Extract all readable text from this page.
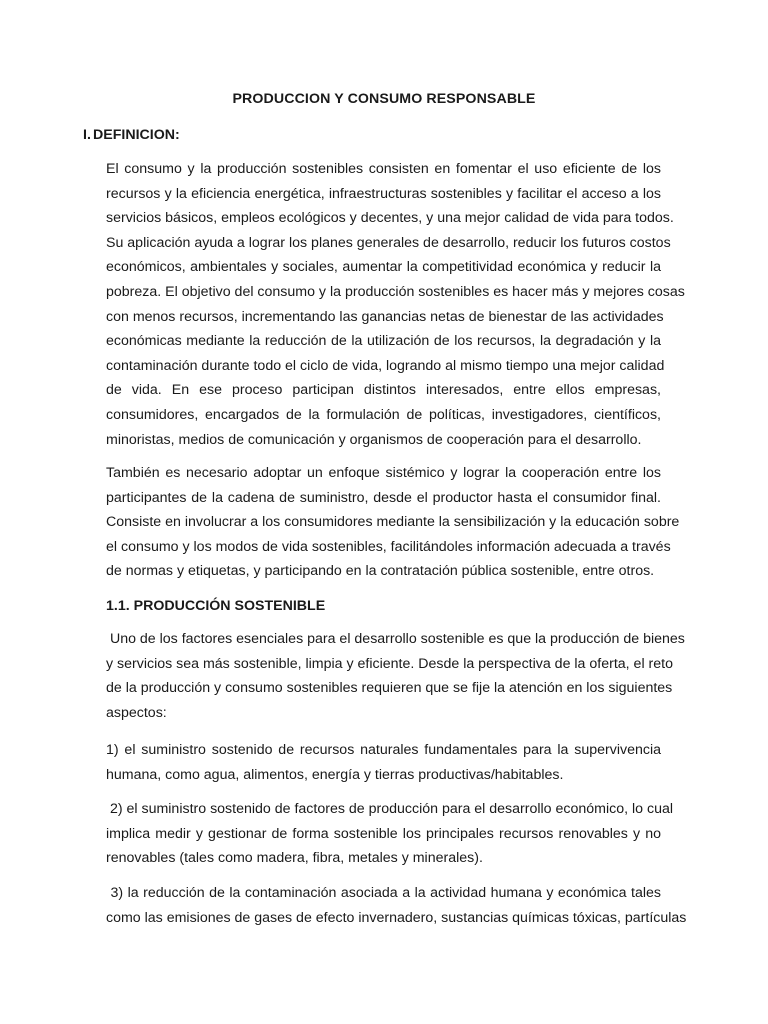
PRODUCCION Y CONSUMO RESPONSABLE
I. DEFINICION:

El consumo y la producción sostenibles consisten en fomentar el uso eficiente de los
recursos y la eficiencia energética, infraestructuras sostenibles y facilitar el acceso a los
servicios básicos, empleos ecológicos y decentes, y una mejor calidad de vida para todos.
Su aplicación ayuda a lograr los planes generales de desarrollo, reducir los futuros costos
económicos, ambientales y sociales, aumentar la competitividad económica y reducir la
pobreza. El objetivo del consumo y la producción sostenibles es hacer más y mejores cosas
con menos recursos, incrementando las ganancias netas de bienestar de las actividades
económicas mediante la reducción de la utilización de los recursos, la degradación y la
contaminación durante todo el ciclo de vida, logrando al mismo tiempo una mejor calidad
de vida. En ese proceso participan distintos interesados, entre ellos empresas,
consumidores, encargados de la formulación de políticas, investigadores, científicos,
minoristas, medios de comunicación y organismos de cooperación para el desarrollo.

También es necesario adoptar un enfoque sistémico y lograr la cooperación entre los
participantes de la cadena de suministro, desde el productor hasta el consumidor final.
Consiste en involucrar a los consumidores mediante la sensibilización y la educación sobre
el consumo y los modos de vida sostenibles, facilitándoles información adecuada a través
de normas y etiquetas, y participando en la contratación pública sostenible, entre otros.

1.1. PRODUCCIÓN SOSTENIBLE

Uno de los factores esenciales para el desarrollo sostenible es que la producción de bienes
y servicios sea más sostenible, limpia y eficiente. Desde la perspectiva de la oferta, el reto
de la producción y consumo sostenibles requieren que se fije la atención en los siguientes
aspectos:

1) el suministro sostenido de recursos naturales fundamentales para la supervivencia
humana, como agua, alimentos, energía y tierras productivas/habitables.

2) el suministro sostenido de factores de producción para el desarrollo económico, lo cual
implica medir y gestionar de forma sostenible los principales recursos renovables y no
renovables (tales como madera, fibra, metales y minerales).

3) la reducción de la contaminación asociada a la actividad humana y económica tales
como las emisiones de gases de efecto invernadero, sustancias químicas tóxicas, partículas
